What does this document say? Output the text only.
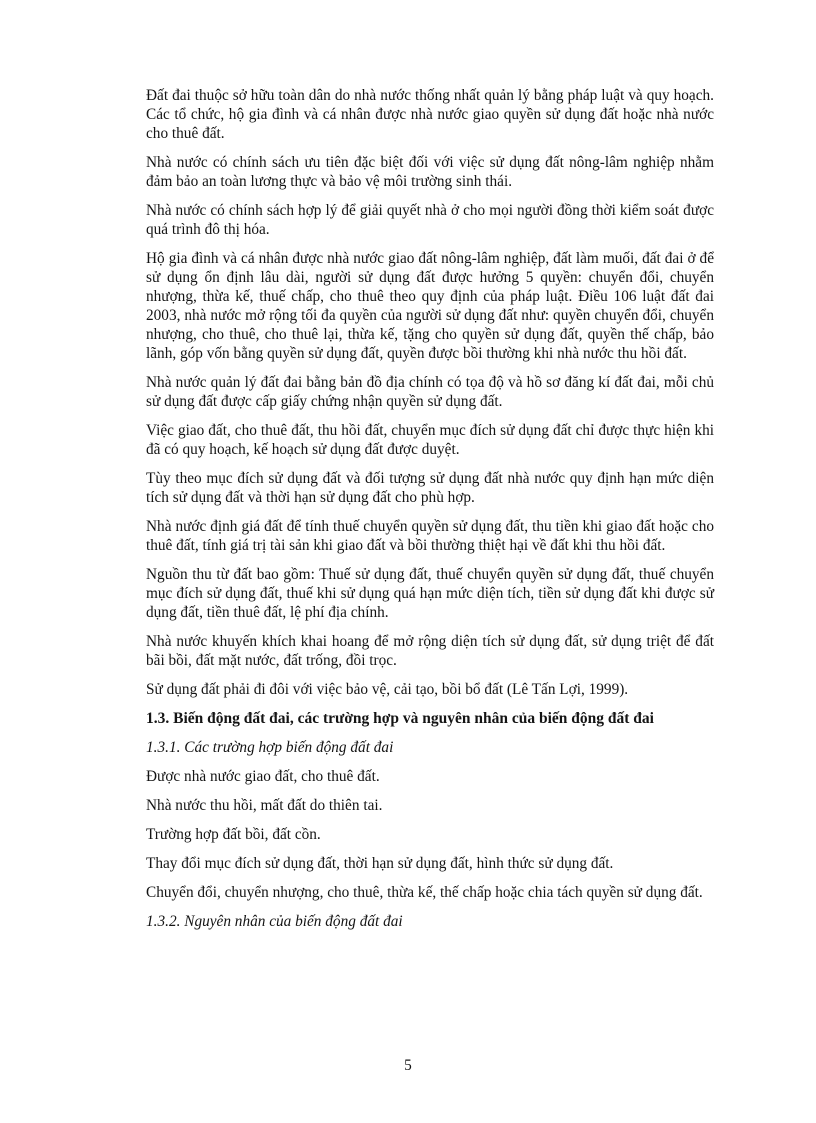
Đất đai thuộc sở hữu toàn dân do nhà nước thống nhất quản lý bằng pháp luật và quy hoạch. Các tổ chức, hộ gia đình và cá nhân được nhà nước giao quyền sử dụng đất hoặc nhà nước cho thuê đất.

Nhà nước có chính sách ưu tiên đặc biệt đối với việc sử dụng đất nông-lâm nghiệp nhằm đảm bảo an toàn lương thực và bảo vệ môi trường sinh thái.

Nhà nước có chính sách hợp lý để giải quyết nhà ở cho mọi người đồng thời kiểm soát được quá trình đô thị hóa.

Hộ gia đình và cá nhân được nhà nước giao đất nông-lâm nghiệp, đất làm muối, đất đai ở để sử dụng ổn định lâu dài, người sử dụng đất được hưởng 5 quyền: chuyển đổi, chuyển nhượng, thừa kế, thuế chấp, cho thuê theo quy định của pháp luật. Điều 106 luật đất đai 2003, nhà nước mở rộng tối đa quyền của người sử dụng đất như: quyền chuyển đổi, chuyển nhượng, cho thuê, cho thuê lại, thừa kế, tặng cho quyền sử dụng đất, quyền thế chấp, bảo lãnh, góp vốn bằng quyền sử dụng đất, quyền được bồi thường khi nhà nước thu hồi đất.

Nhà nước quản lý đất đai bằng bản đồ địa chính có tọa độ và hồ sơ đăng kí đất đai, mỗi chủ sử dụng đất được cấp giấy chứng nhận quyền sử dụng đất.

Việc giao đất, cho thuê đất, thu hồi đất, chuyển mục đích sử dụng đất chỉ được thực hiện khi đã có quy hoạch, kế hoạch sử dụng đất được duyệt.

Tùy theo mục đích sử dụng đất và đối tượng sử dụng đất nhà nước quy định hạn mức diện tích sử dụng đất và thời hạn sử dụng đất cho phù hợp.

Nhà nước định giá đất để tính thuế chuyển quyền sử dụng đất, thu tiền khi giao đất hoặc cho thuê đất, tính giá trị tài sản khi giao đất và bồi thường thiệt hại về đất khi thu hồi đất.

Nguồn thu từ đất bao gồm: Thuế sử dụng đất, thuế chuyển quyền sử dụng đất, thuế chuyển mục đích sử dụng đất, thuế khi sử dụng quá hạn mức diện tích, tiền sử dụng đất khi được sử dụng đất, tiền thuê đất, lệ phí địa chính.

Nhà nước khuyến khích khai hoang để mở rộng diện tích sử dụng đất, sử dụng triệt để đất bãi bồi, đất mặt nước, đất trống, đồi trọc.

Sử dụng đất phải đi đôi với việc bảo vệ, cải tạo, bồi bổ đất (Lê Tấn Lợi, 1999).

1.3. Biến động đất đai, các trường hợp và nguyên nhân của biến động đất đai
1.3.1. Các trường hợp biến động đất đai

Được nhà nước giao đất, cho thuê đất.

Nhà nước thu hồi, mất đất do thiên tai.

Trường hợp đất bồi, đất cồn.

Thay đổi mục đích sử dụng đất, thời hạn sử dụng đất, hình thức sử dụng đất.

Chuyển đổi, chuyển nhượng, cho thuê, thừa kế, thế chấp hoặc chia tách quyền sử dụng đất.

1.3.2. Nguyên nhân của biến động đất đai
5
